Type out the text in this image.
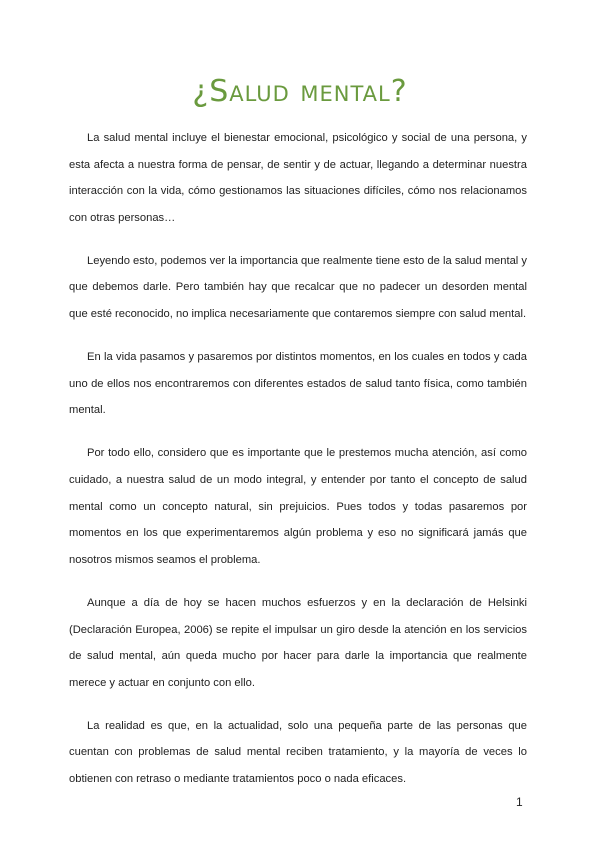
¿Salud mental?

La salud mental incluye el bienestar emocional, psicológico y social de una persona, y esta afecta a nuestra forma de pensar, de sentir y de actuar, llegando a determinar nuestra interacción con la vida, cómo gestionamos las situaciones difíciles, cómo nos relacionamos con otras personas…

Leyendo esto, podemos ver la importancia que realmente tiene esto de la salud mental y que debemos darle. Pero también hay que recalcar que no padecer un desorden mental que esté reconocido, no implica necesariamente que contaremos siempre con salud mental.

En la vida pasamos y pasaremos por distintos momentos, en los cuales en todos y cada uno de ellos nos encontraremos con diferentes estados de salud tanto física, como también mental.

Por todo ello, considero que es importante que le prestemos mucha atención, así como cuidado, a nuestra salud de un modo integral, y entender por tanto el concepto de salud mental como un concepto natural, sin prejuicios. Pues todos y todas pasaremos por momentos en los que experimentaremos algún problema y eso no significará jamás que nosotros mismos seamos el problema.

Aunque a día de hoy se hacen muchos esfuerzos y en la declaración de Helsinki (Declaración Europea, 2006) se repite el impulsar un giro desde la atención en los servicios de salud mental, aún queda mucho por hacer para darle la importancia que realmente merece y actuar en conjunto con ello.

La realidad es que, en la actualidad, solo una pequeña parte de las personas que cuentan con problemas de salud mental reciben tratamiento, y la mayoría de veces lo obtienen con retraso o mediante tratamientos poco o nada eficaces.

1
